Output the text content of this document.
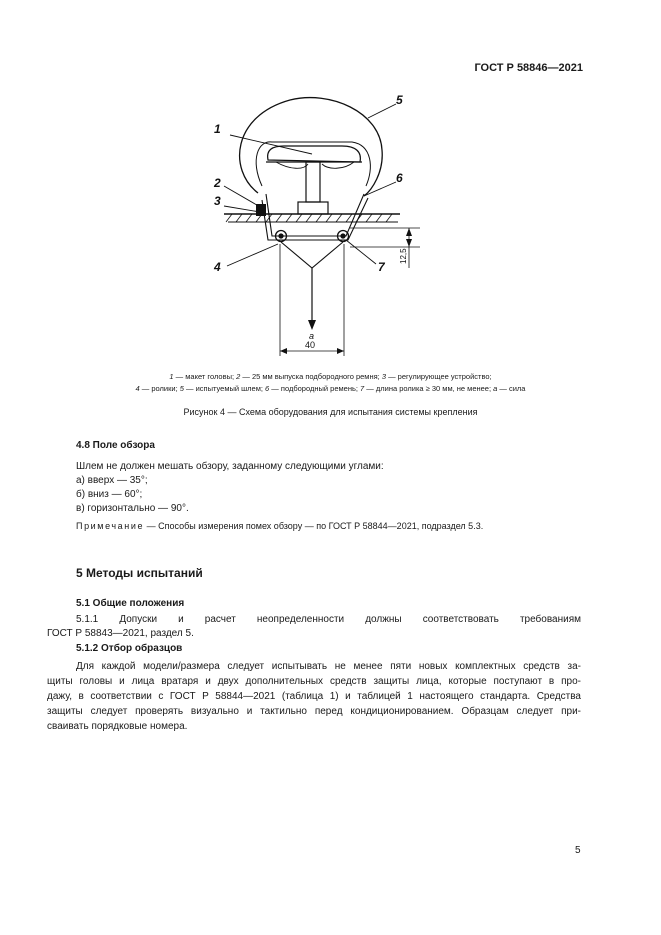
ГОСТ Р 58846—2021
1
2
3
4
5
6
7
а
40
12,5
1 — макет головы; 2 — 25 мм выпуска подбородного ремня; 3 — регулирующее устройство;
4 — ролики; 5 — испытуемый шлем; 6 — подбородный ремень; 7 — длина ролика ≥ 30 мм, не менее; а — сила
Рисунок 4 — Схема оборудования для испытания системы крепления
4.8 Поле обзора
Шлем не должен мешать обзору, заданному следующими углами:
а) вверх — 35°;
б) вниз — 60°;
в) горизонтально — 90°.
Примечание — Способы измерения помех обзору — по ГОСТ Р 58844—2021, подраздел 5.3.
5 Методы испытаний
5.1 Общие положения
5.1.1 Допуски и расчет неопределенности должны соответствовать требованиям
ГОСТ Р 58843—2021, раздел 5.
5.1.2 Отбор образцов
Для каждой модели/размера следует испытывать не менее пяти новых комплектных средств за-
щиты головы и лица вратаря и двух дополнительных средств защиты лица, которые поступают в про-
дажу, в соответствии с ГОСТ Р 58844—2021 (таблица 1) и таблицей 1 настоящего стандарта. Средства
защиты следует проверять визуально и тактильно перед кондиционированием. Образцам следует при-
сваивать порядковые номера.
5
